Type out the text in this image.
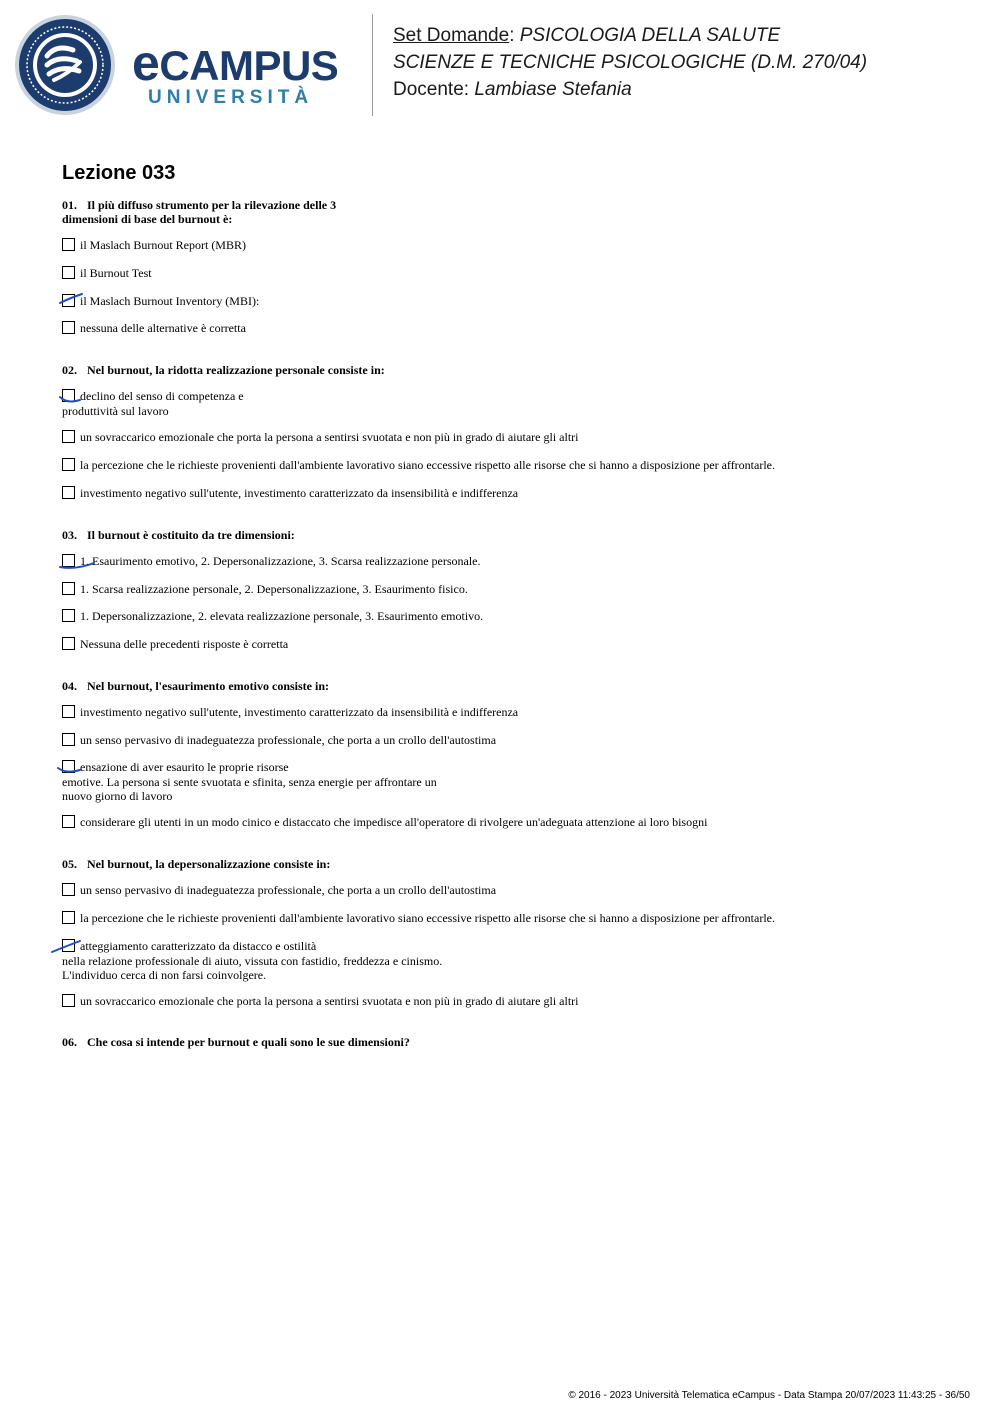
eCAMPUS
UNIVERSITÀ
Set Domande: PSICOLOGIA DELLA SALUTE
SCIENZE E TECNICHE PSICOLOGICHE (D.M. 270/04)
Docente: Lambiase Stefania
Lezione 033
01. Il più diffuso strumento per la rilevazione delle 3
dimensioni di base del burnout è:
il Maslach Burnout Report (MBR)
il Burnout Test
il Maslach Burnout Inventory (MBI):
nessuna delle alternative è corretta
02. Nel burnout, la ridotta realizzazione personale consiste in:
declino del senso di competenza e
produttività sul lavoro
un sovraccarico emozionale che porta la persona a sentirsi svuotata e non più in grado di aiutare gli altri
la percezione che le richieste provenienti dall'ambiente lavorativo siano eccessive rispetto alle risorse che si hanno a disposizione per affrontarle.
investimento negativo sull'utente, investimento caratterizzato da insensibilità e indifferenza
03. Il burnout è costituito da tre dimensioni:
1. Esaurimento emotivo, 2. Depersonalizzazione, 3. Scarsa realizzazione personale.
1. Scarsa realizzazione personale, 2. Depersonalizzazione, 3. Esaurimento fisico.
1. Depersonalizzazione, 2. elevata realizzazione personale, 3. Esaurimento emotivo.
Nessuna delle precedenti risposte è corretta
04. Nel burnout, l'esaurimento emotivo consiste in:
investimento negativo sull'utente, investimento caratterizzato da insensibilità e indifferenza
un senso pervasivo di inadeguatezza professionale, che porta a un crollo dell'autostima
ensazione di aver esaurito le proprie risorse
emotive. La persona si sente svuotata e sfinita, senza energie per affrontare un
nuovo giorno di lavoro
considerare gli utenti in un modo cinico e distaccato che impedisce all'operatore di rivolgere un'adeguata attenzione ai loro bisogni
05. Nel burnout, la depersonalizzazione consiste in:
un senso pervasivo di inadeguatezza professionale, che porta a un crollo dell'autostima
la percezione che le richieste provenienti dall'ambiente lavorativo siano eccessive rispetto alle risorse che si hanno a disposizione per affrontarle.
atteggiamento caratterizzato da distacco e ostilità
nella relazione professionale di aiuto, vissuta con fastidio, freddezza e cinismo.
L'individuo cerca di non farsi coinvolgere.
un sovraccarico emozionale che porta la persona a sentirsi svuotata e non più in grado di aiutare gli altri
06. Che cosa si intende per burnout e quali sono le sue dimensioni?
© 2016 - 2023 Università Telematica eCampus - Data Stampa 20/07/2023 11:43:25 - 36/50
